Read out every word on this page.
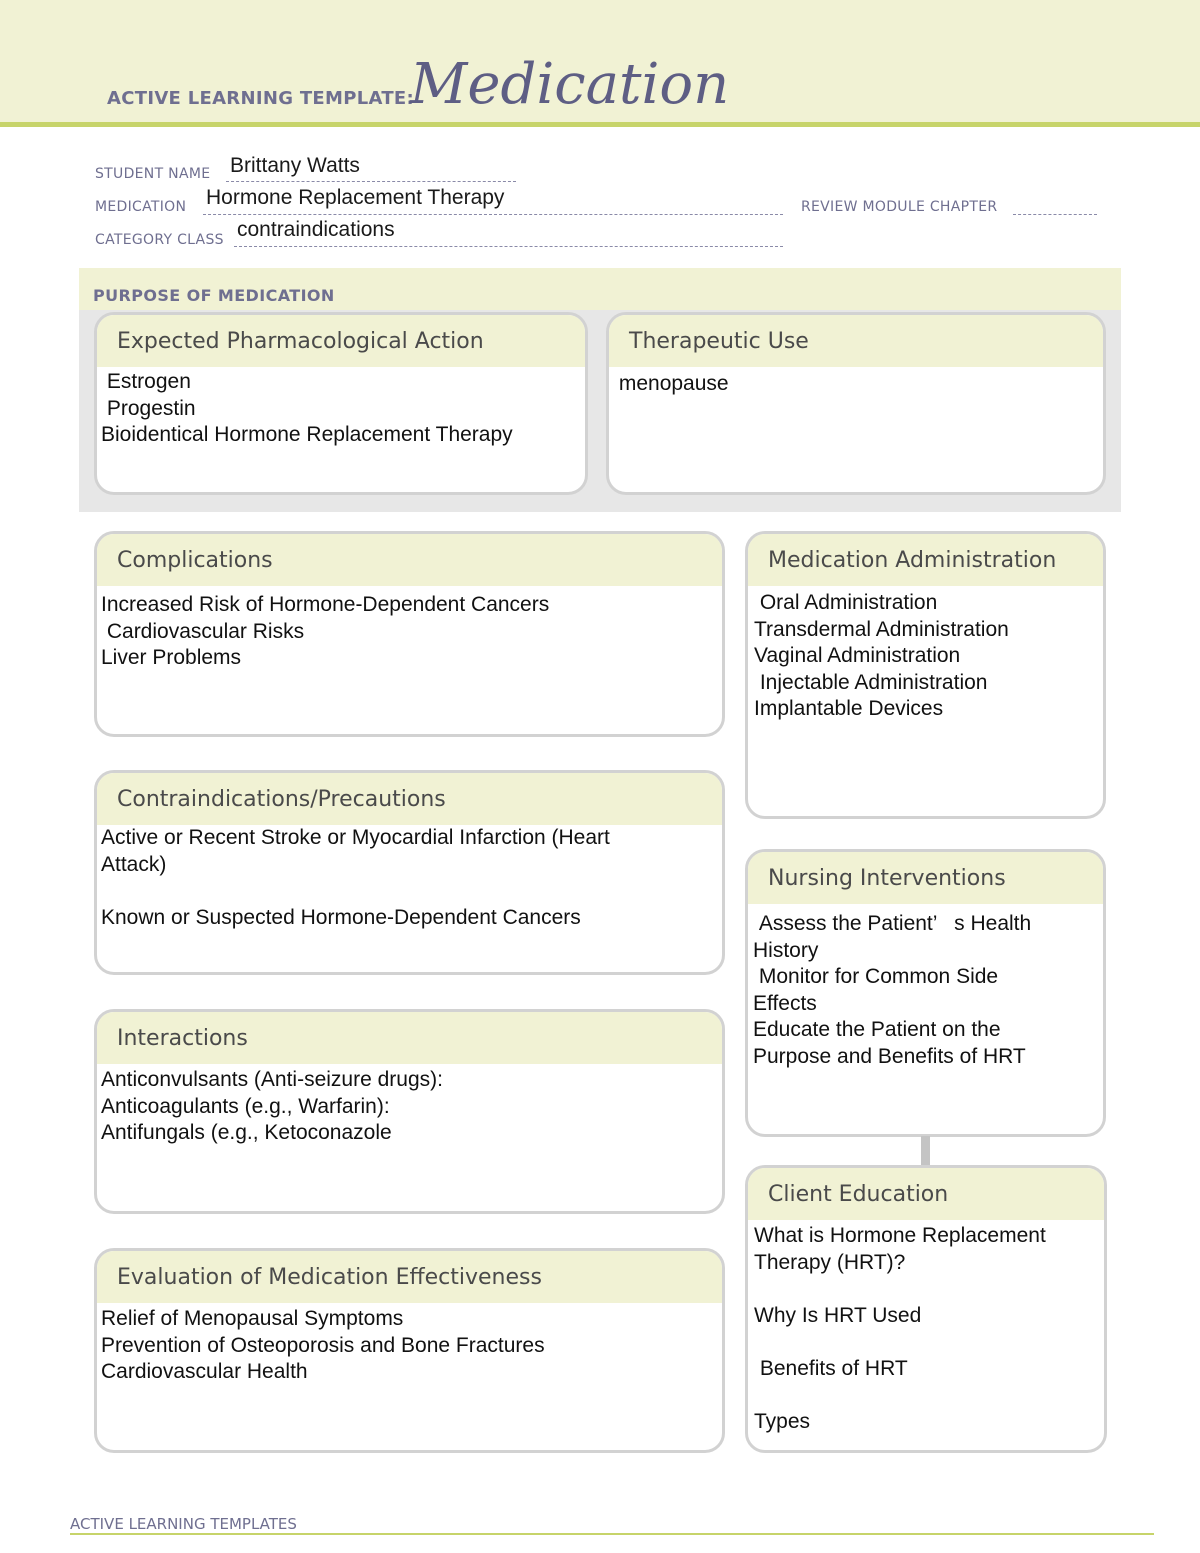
ACTIVE LEARNING TEMPLATE:
Medication
STUDENT NAME Brittany Watts
MEDICATION Hormone Replacement Therapy	REVIEW MODULE CHAPTER
CATEGORY CLASS contraindications
PURPOSE OF MEDICATION
Expected Pharmacological Action
Estrogen
Progestin
Bioidentical Hormone Replacement Therapy
Therapeutic Use
menopause
Complications
Increased Risk of Hormone-Dependent Cancers
Cardiovascular Risks
Liver Problems
Contraindications/Precautions
Active or Recent Stroke or Myocardial Infarction (Heart
Attack)
Known or Suspected Hormone-Dependent Cancers
Interactions
Anticonvulsants (Anti-seizure drugs):
Anticoagulants (e.g., Warfarin):
Antifungals (e.g., Ketoconazole
Evaluation of Medication Effectiveness
Relief of Menopausal Symptoms
Prevention of Osteoporosis and Bone Fractures
Cardiovascular Health
Medication Administration
Oral Administration
Transdermal Administration
Vaginal Administration
Injectable Administration
Implantable Devices
Nursing Interventions
Assess the Patient’   s Health
History
Monitor for Common Side
Effects
Educate the Patient on the
Purpose and Benefits of HRT
Client Education
What is Hormone Replacement
Therapy (HRT)?
Why Is HRT Used
Benefits of HRT
Types
ACTIVE LEARNING TEMPLATES
